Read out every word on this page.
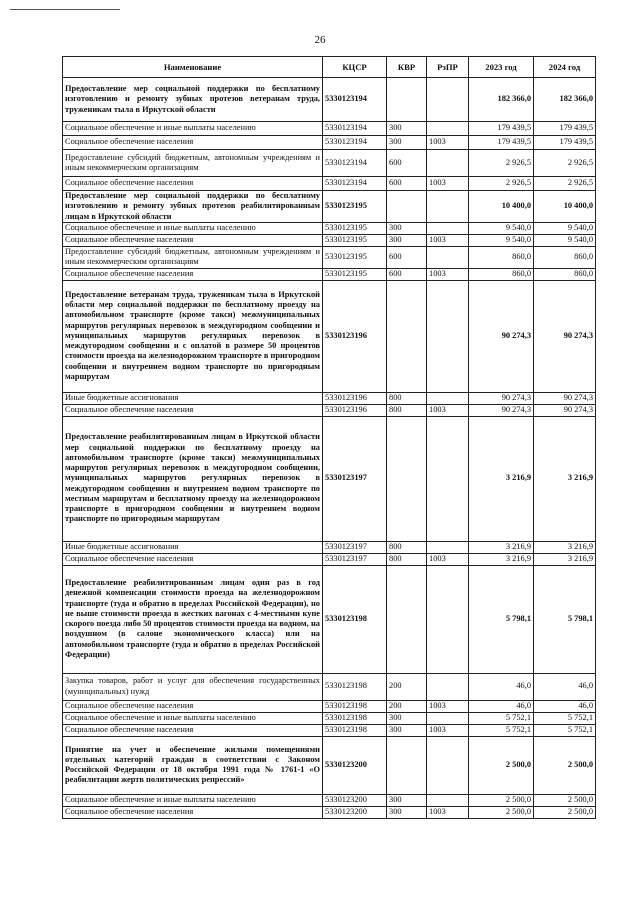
26
Наименование	КЦСР	КВР	РзПР	2023 год	2024 год
Предоставление мер социальной поддержки по бесплатному изготовлению и ремонту зубных протезов ветеранам труда, труженикам тыла в Иркутской области	5330123194			182 366,0	182 366,0
Социальное обеспечение и иные выплаты населению	5330123194	300		179 439,5	179 439,5
Социальное обеспечение населения	5330123194	300	1003	179 439,5	179 439,5
Предоставление субсидий бюджетным, автономным учреждениям и иным некоммерческим организациям	5330123194	600		2 926,5	2 926,5
Социальное обеспечение населения	5330123194	600	1003	2 926,5	2 926,5
Предоставление мер социальной поддержки по бесплатному изготовлению и ремонту зубных протезов реабилитированным лицам в Иркутской области	5330123195			10 400,0	10 400,0
Социальное обеспечение и иные выплаты населению	5330123195	300		9 540,0	9 540,0
Социальное обеспечение населения	5330123195	300	1003	9 540,0	9 540,0
Предоставление субсидий бюджетным, автономным учреждениям и иным некоммерческим организациям	5330123195	600		860,0	860,0
Социальное обеспечение населения	5330123195	600	1003	860,0	860,0
Предоставление ветеранам труда, труженикам тыла в Иркутской области мер социальной поддержки по бесплатному проезду на автомобильном транспорте (кроме такси) межмуниципальных маршрутов регулярных перевозок в междугородном сообщении и муниципальных маршрутов регулярных перевозок в междугородном сообщении и с оплатой в размере 50 процентов стоимости проезда на железнодорожном транспорте в пригородном сообщении и внутреннем водном транспорте по пригородным маршрутам	5330123196			90 274,3	90 274,3
Иные бюджетные ассигнования	5330123196	800		90 274,3	90 274,3
Социальное обеспечение населения	5330123196	800	1003	90 274,3	90 274,3
Предоставление реабилитированным лицам в Иркутской области мер социальной поддержки по бесплатному проезду на автомобильном транспорте (кроме такси) межмуниципальных маршрутов регулярных перевозок в междугородном сообщении, муниципальных маршрутов регулярных перевозок в междугородном сообщении и внутреннем водном транспорте по местным маршрутам и бесплатному проезду на железнодорожном транспорте в пригородном сообщении и внутреннем водном транспорте по пригородным маршрутам	5330123197			3 216,9	3 216,9
Иные бюджетные ассигнования	5330123197	800		3 216,9	3 216,9
Социальное обеспечение населения	5330123197	800	1003	3 216,9	3 216,9
Предоставление реабилитированным лицам один раз в год денежной компенсации стоимости проезда на железнодорожном транспорте (туда и обратно в пределах Российской Федерации), но не выше стоимости проезда в жестких вагонах с 4-местными купе скорого поезда либо 50 процентов стоимости проезда на водном, на воздушном (в салоне экономического класса) или на автомобильном транспорте (туда и обратно в пределах Российской Федерации)	5330123198			5 798,1	5 798,1
Закупка товаров, работ и услуг для обеспечения государственных (муниципальных) нужд	5330123198	200		46,0	46,0
Социальное обеспечение населения	5330123198	200	1003	46,0	46,0
Социальное обеспечение и иные выплаты населению	5330123198	300		5 752,1	5 752,1
Социальное обеспечение населения	5330123198	300	1003	5 752,1	5 752,1
Принятие на учет и обеспечение жилыми помещениями отдельных категорий граждан в соответствии с Законом Российской Федерации от 18 октября 1991 года № 1761-1 «О реабилитации жертв политических репрессий»	5330123200			2 500,0	2 500,0
Социальное обеспечение и иные выплаты населению	5330123200	300		2 500,0	2 500,0
Социальное обеспечение населения	5330123200	300	1003	2 500,0	2 500,0
